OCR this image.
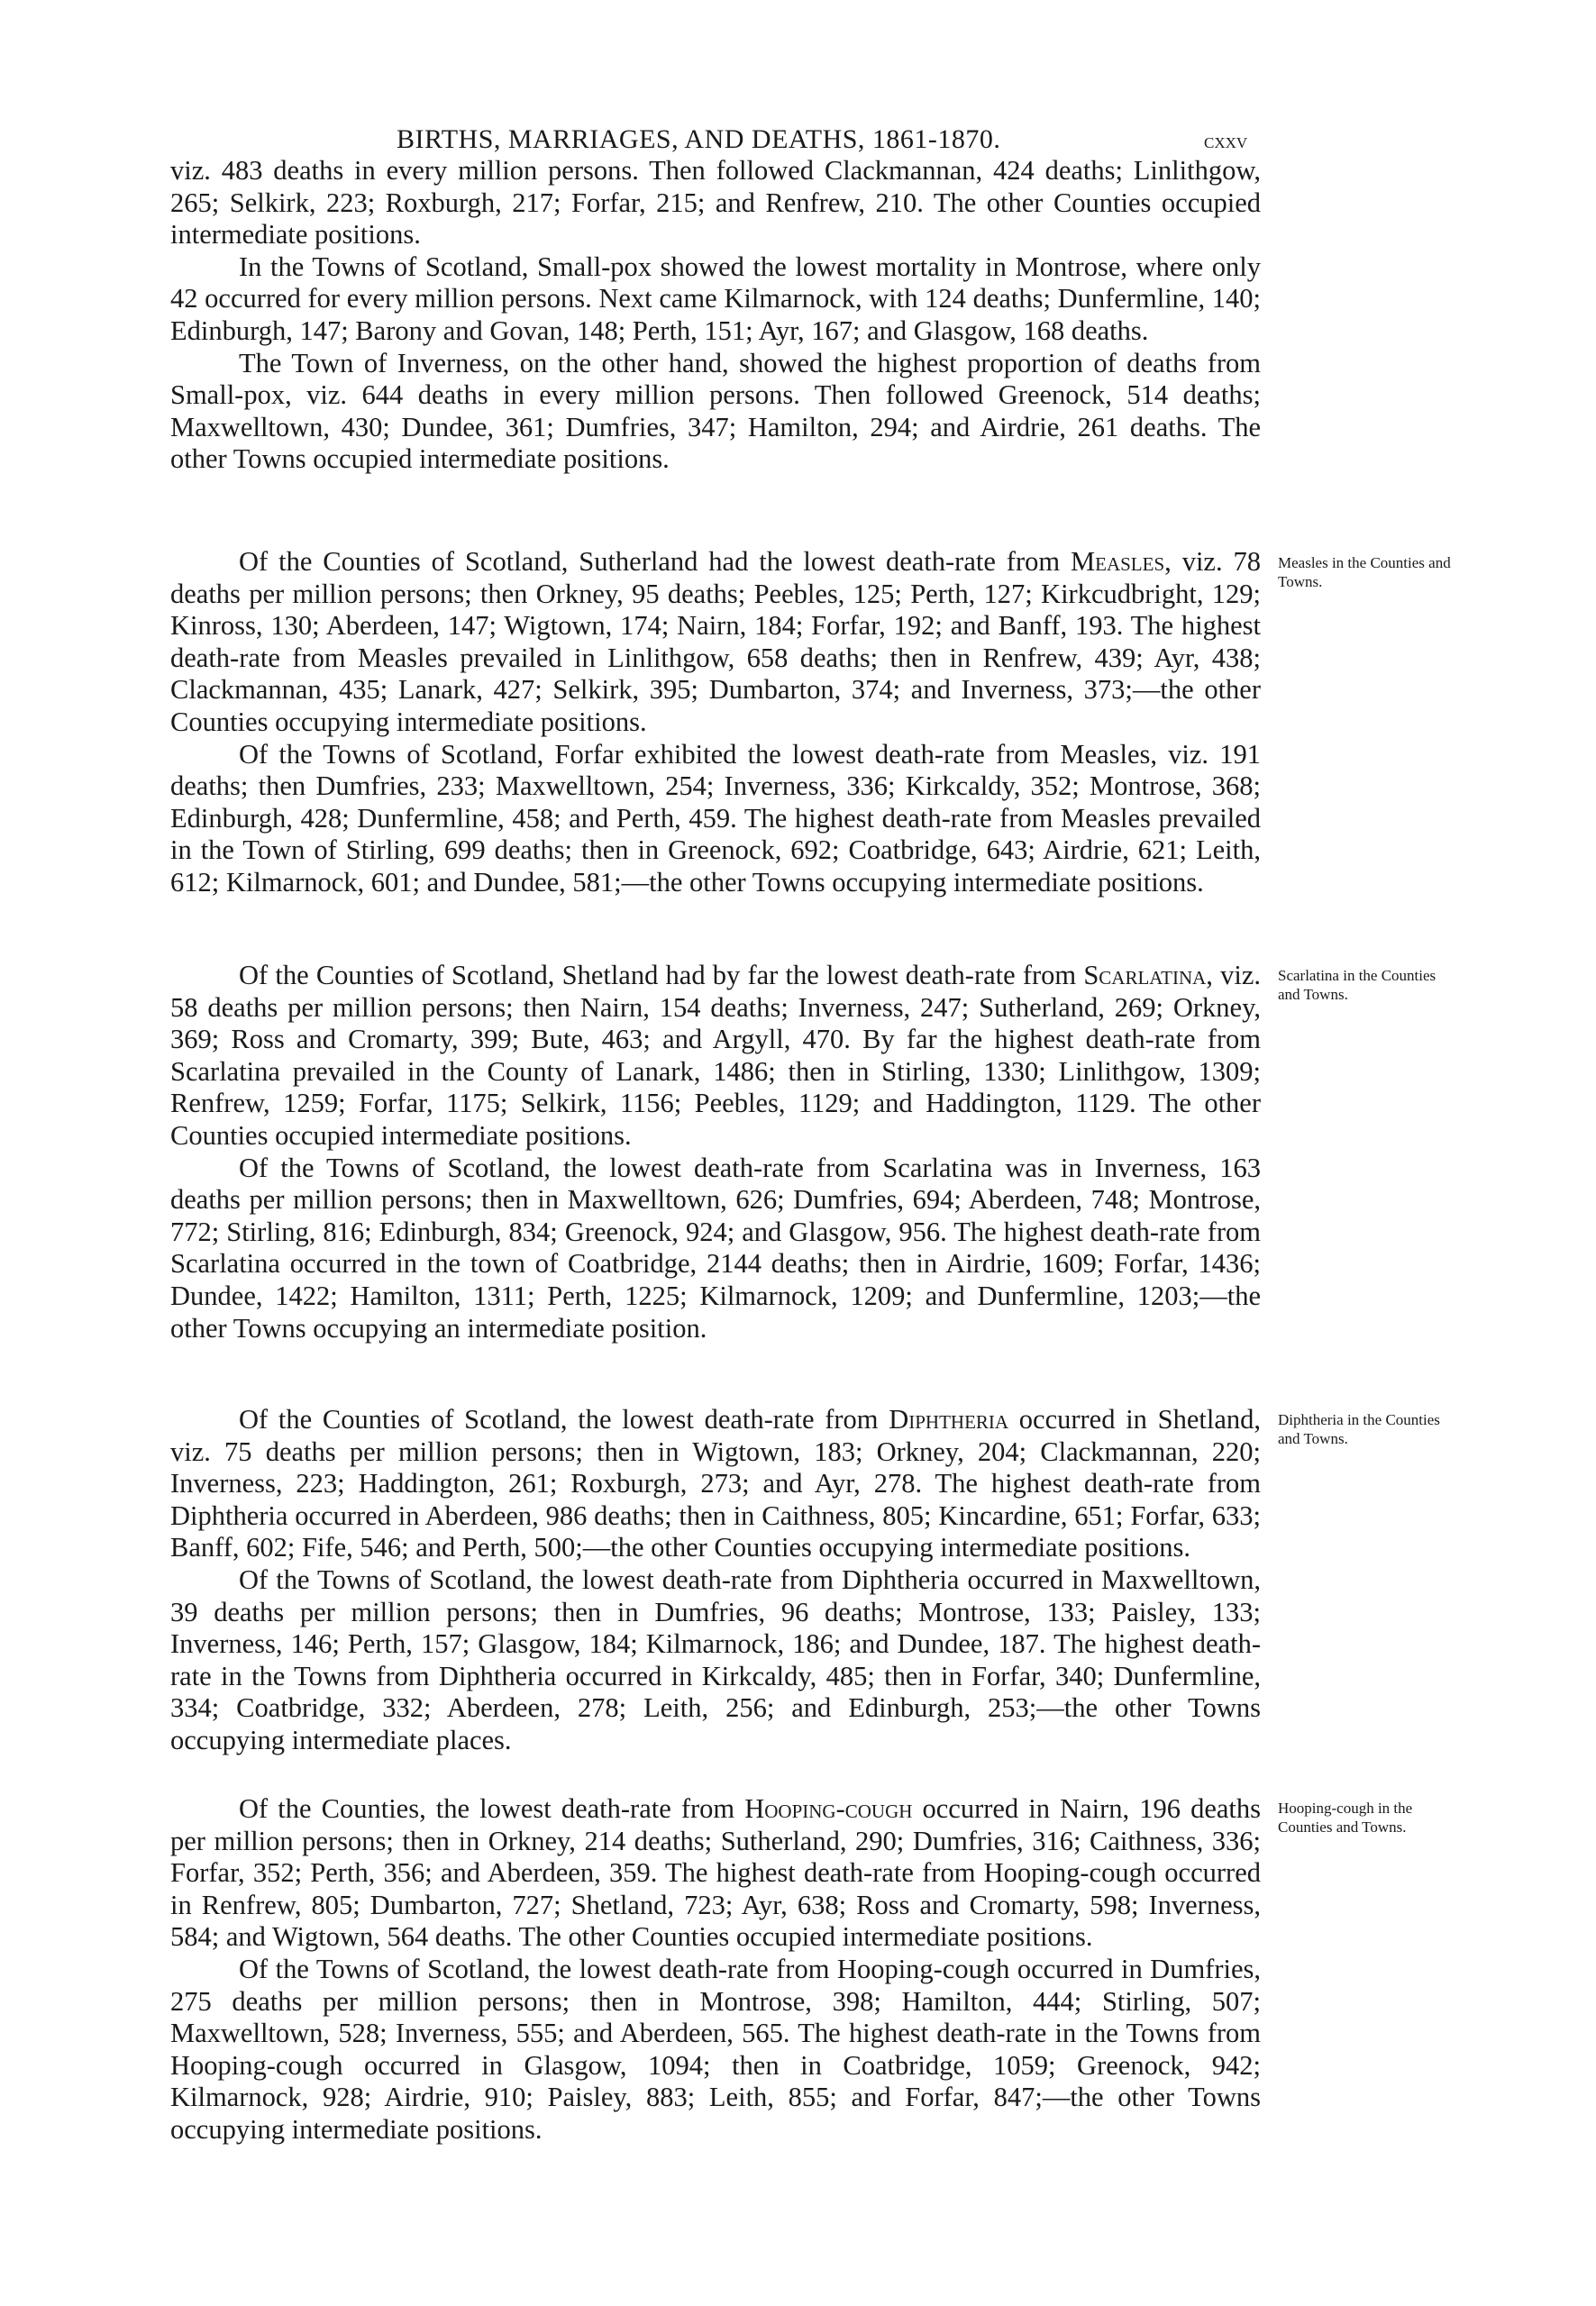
BIRTHS, MARRIAGES, AND DEATHS, 1861-1870.	cxxv

viz. 483 deaths in every million persons. Then followed Clackmannan, 424 deaths; Linlithgow, 265; Selkirk, 223; Roxburgh, 217; Forfar, 215; and Renfrew, 210. The other Counties occupied intermediate positions.

In the Towns of Scotland, Small-pox showed the lowest mortality in Montrose, where only 42 occurred for every million persons. Next came Kilmarnock, with 124 deaths; Dunfermline, 140; Edinburgh, 147; Barony and Govan, 148; Perth, 151; Ayr, 167; and Glasgow, 168 deaths.

The Town of Inverness, on the other hand, showed the highest proportion of deaths from Small-pox, viz. 644 deaths in every million persons. Then followed Greenock, 514 deaths; Maxwelltown, 430; Dundee, 361; Dumfries, 347; Hamilton, 294; and Airdrie, 261 deaths. The other Towns occupied intermediate positions.

Measles in the Counties and Towns.

Of the Counties of Scotland, Sutherland had the lowest death-rate from Measles, viz. 78 deaths per million persons; then Orkney, 95 deaths; Peebles, 125; Perth, 127; Kirkcudbright, 129; Kinross, 130; Aberdeen, 147; Wigtown, 174; Nairn, 184; Forfar, 192; and Banff, 193. The highest death-rate from Measles prevailed in Linlithgow, 658 deaths; then in Renfrew, 439; Ayr, 438; Clackmannan, 435; Lanark, 427; Selkirk, 395; Dumbarton, 374; and Inverness, 373;—the other Counties occupying intermediate positions.

Of the Towns of Scotland, Forfar exhibited the lowest death-rate from Measles, viz. 191 deaths; then Dumfries, 233; Maxwelltown, 254; Inverness, 336; Kirkcaldy, 352; Montrose, 368; Edinburgh, 428; Dunfermline, 458; and Perth, 459. The highest death-rate from Measles prevailed in the Town of Stirling, 699 deaths; then in Greenock, 692; Coatbridge, 643; Airdrie, 621; Leith, 612; Kilmarnock, 601; and Dundee, 581;—the other Towns occupying intermediate positions.

Scarlatina in the Counties and Towns.

Of the Counties of Scotland, Shetland had by far the lowest death-rate from Scarlatina, viz. 58 deaths per million persons; then Nairn, 154 deaths; Inverness, 247; Sutherland, 269; Orkney, 369; Ross and Cromarty, 399; Bute, 463; and Argyll, 470. By far the highest death-rate from Scarlatina prevailed in the County of Lanark, 1486; then in Stirling, 1330; Linlithgow, 1309; Renfrew, 1259; Forfar, 1175; Selkirk, 1156; Peebles, 1129; and Haddington, 1129. The other Counties occupied intermediate positions.

Of the Towns of Scotland, the lowest death-rate from Scarlatina was in Inverness, 163 deaths per million persons; then in Maxwelltown, 626; Dumfries, 694; Aberdeen, 748; Montrose, 772; Stirling, 816; Edinburgh, 834; Greenock, 924; and Glasgow, 956. The highest death-rate from Scarlatina occurred in the town of Coatbridge, 2144 deaths; then in Airdrie, 1609; Forfar, 1436; Dundee, 1422; Hamilton, 1311; Perth, 1225; Kilmarnock, 1209; and Dunfermline, 1203;—the other Towns occupying an intermediate position.

Diphtheria in the Counties and Towns.

Of the Counties of Scotland, the lowest death-rate from Diphtheria occurred in Shetland, viz. 75 deaths per million persons; then in Wigtown, 183; Orkney, 204; Clackmannan, 220; Inverness, 223; Haddington, 261; Roxburgh, 273; and Ayr, 278. The highest death-rate from Diphtheria occurred in Aberdeen, 986 deaths; then in Caithness, 805; Kincardine, 651; Forfar, 633; Banff, 602; Fife, 546; and Perth, 500;—the other Counties occupying intermediate positions.

Of the Towns of Scotland, the lowest death-rate from Diphtheria occurred in Maxwelltown, 39 deaths per million persons; then in Dumfries, 96 deaths; Montrose, 133; Paisley, 133; Inverness, 146; Perth, 157; Glasgow, 184; Kilmarnock, 186; and Dundee, 187. The highest death-rate in the Towns from Diphtheria occurred in Kirkcaldy, 485; then in Forfar, 340; Dunfermline, 334; Coatbridge, 332; Aberdeen, 278; Leith, 256; and Edinburgh, 253;—the other Towns occupying intermediate places.

Hooping-cough in the Counties and Towns.

Of the Counties, the lowest death-rate from Hooping-cough occurred in Nairn, 196 deaths per million persons; then in Orkney, 214 deaths; Sutherland, 290; Dumfries, 316; Caithness, 336; Forfar, 352; Perth, 356; and Aberdeen, 359. The highest death-rate from Hooping-cough occurred in Renfrew, 805; Dumbarton, 727; Shetland, 723; Ayr, 638; Ross and Cromarty, 598; Inverness, 584; and Wigtown, 564 deaths. The other Counties occupied intermediate positions.

Of the Towns of Scotland, the lowest death-rate from Hooping-cough occurred in Dumfries, 275 deaths per million persons; then in Montrose, 398; Hamilton, 444; Stirling, 507; Maxwelltown, 528; Inverness, 555; and Aberdeen, 565. The highest death-rate in the Towns from Hooping-cough occurred in Glasgow, 1094; then in Coatbridge, 1059; Greenock, 942; Kilmarnock, 928; Airdrie, 910; Paisley, 883; Leith, 855; and Forfar, 847;—the other Towns occupying intermediate positions.
